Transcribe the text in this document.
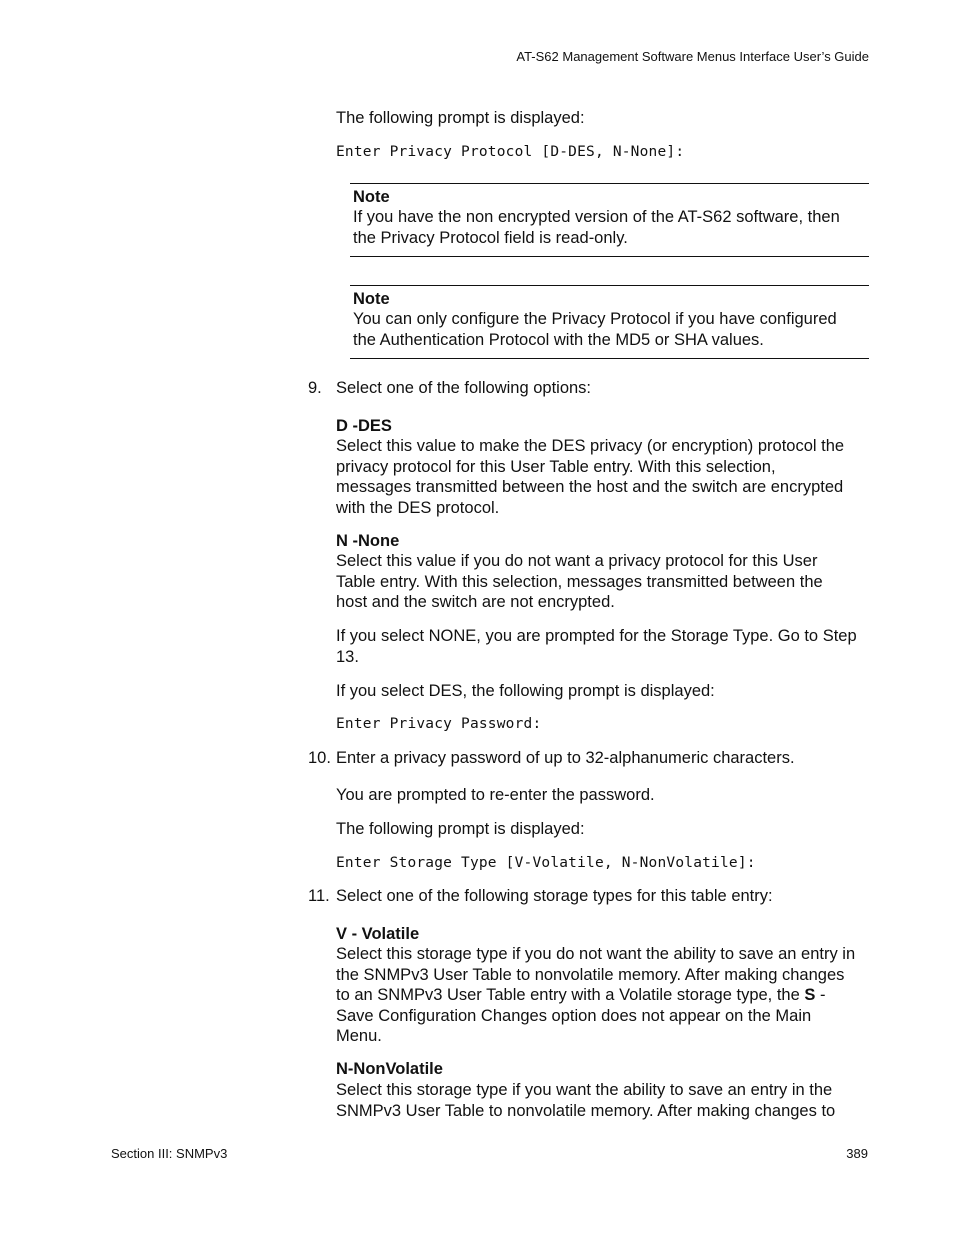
AT-S62 Management Software Menus Interface User’s Guide
The following prompt is displayed:
Enter Privacy Protocol [D-DES, N-None]:
Note
If you have the non encrypted version of the AT-S62 software, then
the Privacy Protocol field is read-only.
Note
You can only configure the Privacy Protocol if you have configured
the Authentication Protocol with the MD5 or SHA values.
9. Select one of the following options:
D -DES
Select this value to make the DES privacy (or encryption) protocol the
privacy protocol for this User Table entry. With this selection,
messages transmitted between the host and the switch are encrypted
with the DES protocol.
N -None
Select this value if you do not want a privacy protocol for this User
Table entry. With this selection, messages transmitted between the
host and the switch are not encrypted.
If you select NONE, you are prompted for the Storage Type. Go to Step
13.
If you select DES, the following prompt is displayed:
Enter Privacy Password:
10. Enter a privacy password of up to 32-alphanumeric characters.
You are prompted to re-enter the password.
The following prompt is displayed:
Enter Storage Type [V-Volatile, N-NonVolatile]:
11. Select one of the following storage types for this table entry:
V - Volatile
Select this storage type if you do not want the ability to save an entry in
the SNMPv3 User Table to nonvolatile memory. After making changes
to an SNMPv3 User Table entry with a Volatile storage type, the S -
Save Configuration Changes option does not appear on the Main
Menu.
N-NonVolatile
Select this storage type if you want the ability to save an entry in the
SNMPv3 User Table to nonvolatile memory. After making changes to
Section III: SNMPv3	389
